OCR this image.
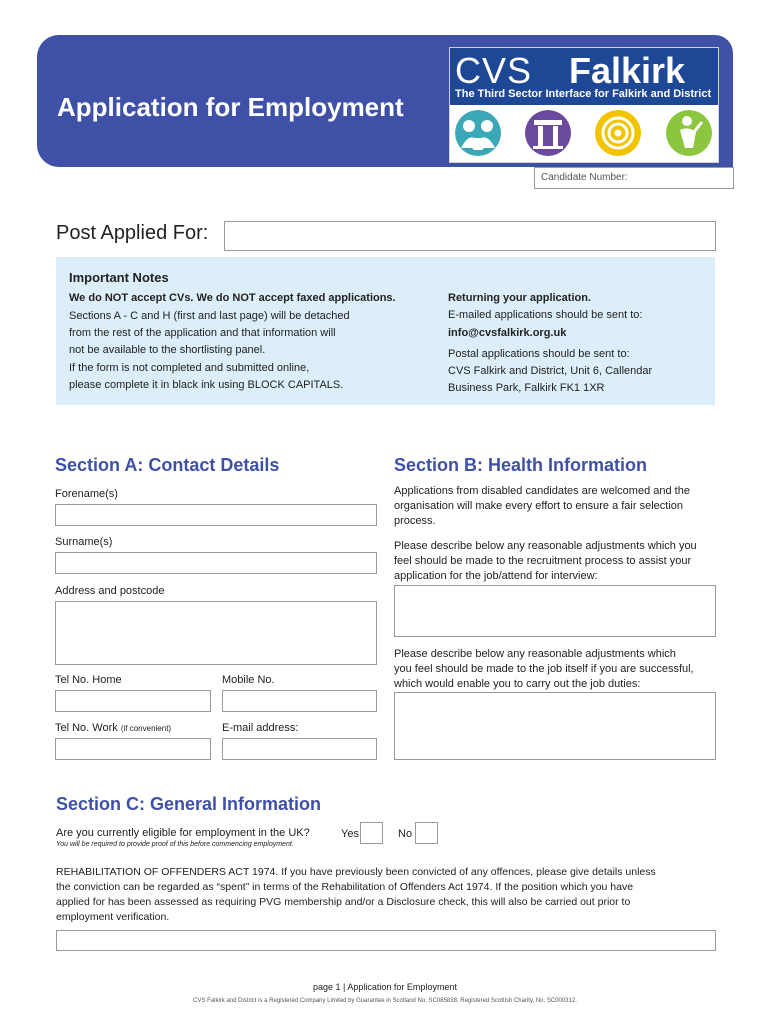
Application for Employment
CVS Falkirk
The Third Sector Interface for Falkirk and District
Candidate Number:
Post Applied For:
Important Notes
We do NOT accept CVs. We do NOT accept faxed applications.
Sections A - C and H (first and last page) will be detached
from the rest of the application and that information will
not be available to the shortlisting panel.
If the form is not completed and submitted online,
please complete it in black ink using BLOCK CAPITALS.
Returning your application.
E-mailed applications should be sent to:
info@cvsfalkirk.org.uk
Postal applications should be sent to:
CVS Falkirk and District, Unit 6, Callendar
Business Park, Falkirk FK1 1XR
Section A: Contact Details
Forename(s)
Surname(s)
Address and postcode
Tel No. Home	Mobile No.
Tel No. Work (if convenient)	E-mail address:
Section B: Health Information
Applications from disabled candidates are welcomed and the
organisation will make every effort to ensure a fair selection
process.
Please describe below any reasonable adjustments which you
feel should be made to the recruitment process to assist your
application for the job/attend for interview:
Please describe below any reasonable adjustments which
you feel should be made to the job itself if you are successful,
which would enable you to carry out the job duties:
Section C: General Information
Are you currently eligible for employment in the UK?
You will be required to provide proof of this before commencing employment.
Yes	No
REHABILITATION OF OFFENDERS ACT 1974. If you have previously been convicted of any offences, please give details unless
the conviction can be regarded as “spent” in terms of the Rehabilitation of Offenders Act 1974. If the position which you have
applied for has been assessed as requiring PVG membership and/or a Disclosure check, this will also be carried out prior to
employment verification.
page 1 | Application for Employment
CVS Falkirk and District is a Registered Company Limited by Guarantee in Scotland No. SC085838. Registered Scottish Charity, No. SC000312.
